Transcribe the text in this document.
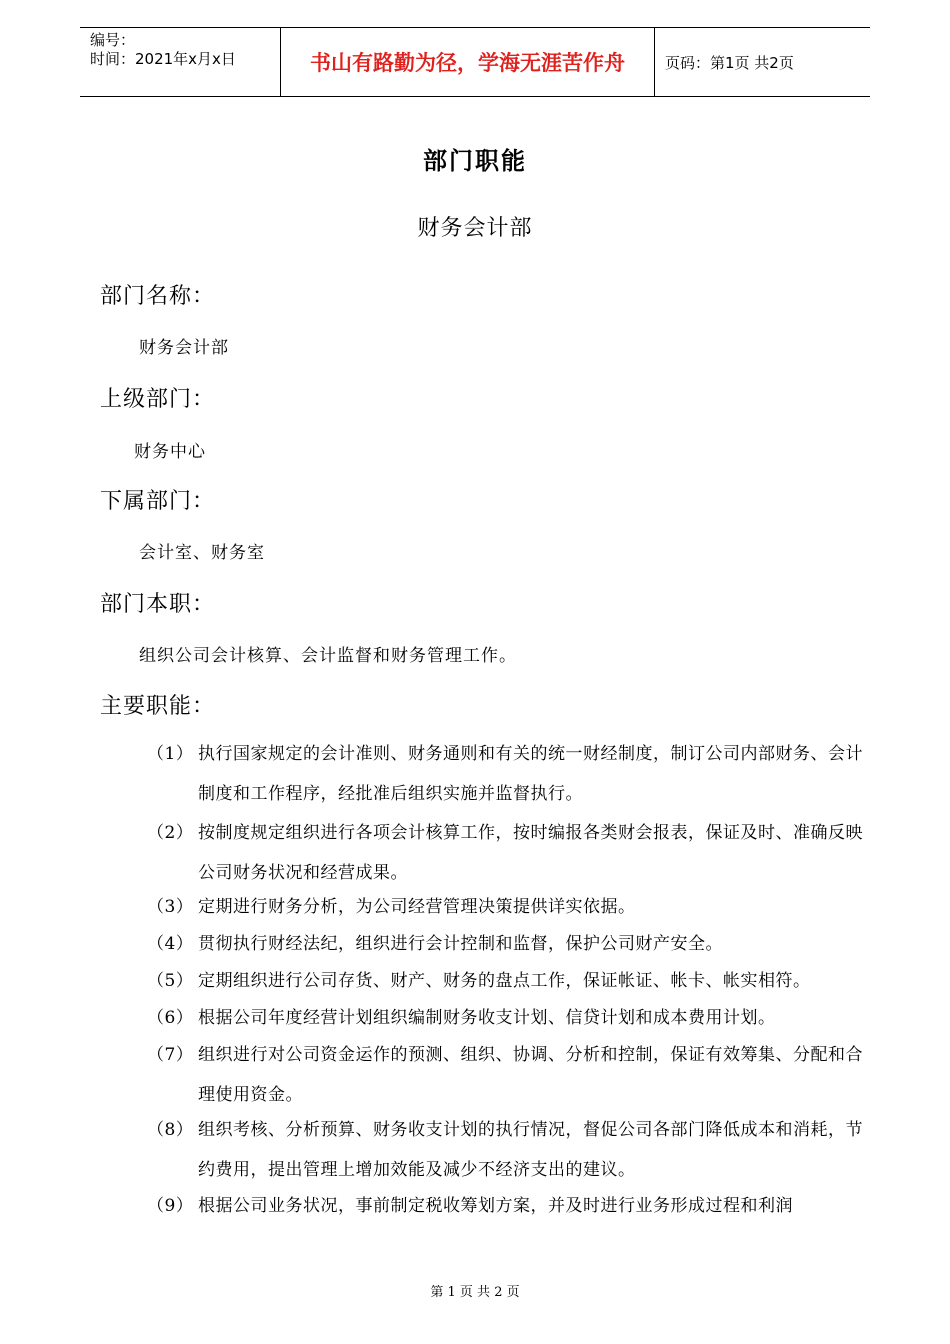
编号：
时间：2021年x月x日	书山有路勤为径，学海无涯苦作舟	页码：第1页 共2页
部门职能
财务会计部
部门名称：
财务会计部
上级部门：
财务中心
下属部门：
会计室、财务室
部门本职：
组织公司会计核算、会计监督和财务管理工作。
主要职能：
（1） 执行国家规定的会计准则、财务通则和有关的统一财经制度，制订公司内部财务、会计制度和工作程序，经批准后组织实施并监督执行。
（2） 按制度规定组织进行各项会计核算工作，按时编报各类财会报表，保证及时、准确反映公司财务状况和经营成果。
（3） 定期进行财务分析，为公司经营管理决策提供详实依据。
（4） 贯彻执行财经法纪，组织进行会计控制和监督，保护公司财产安全。
（5） 定期组织进行公司存货、财产、财务的盘点工作，保证帐证、帐卡、帐实相符。
（6） 根据公司年度经营计划组织编制财务收支计划、信贷计划和成本费用计划。
（7） 组织进行对公司资金运作的预测、组织、协调、分析和控制，保证有效筹集、分配和合理使用资金。
（8） 组织考核、分析预算、财务收支计划的执行情况，督促公司各部门降低成本和消耗，节约费用，提出管理上增加效能及减少不经济支出的建议。
（9） 根据公司业务状况，事前制定税收筹划方案，并及时进行业务形成过程和利润
第 1 页 共 2 页
